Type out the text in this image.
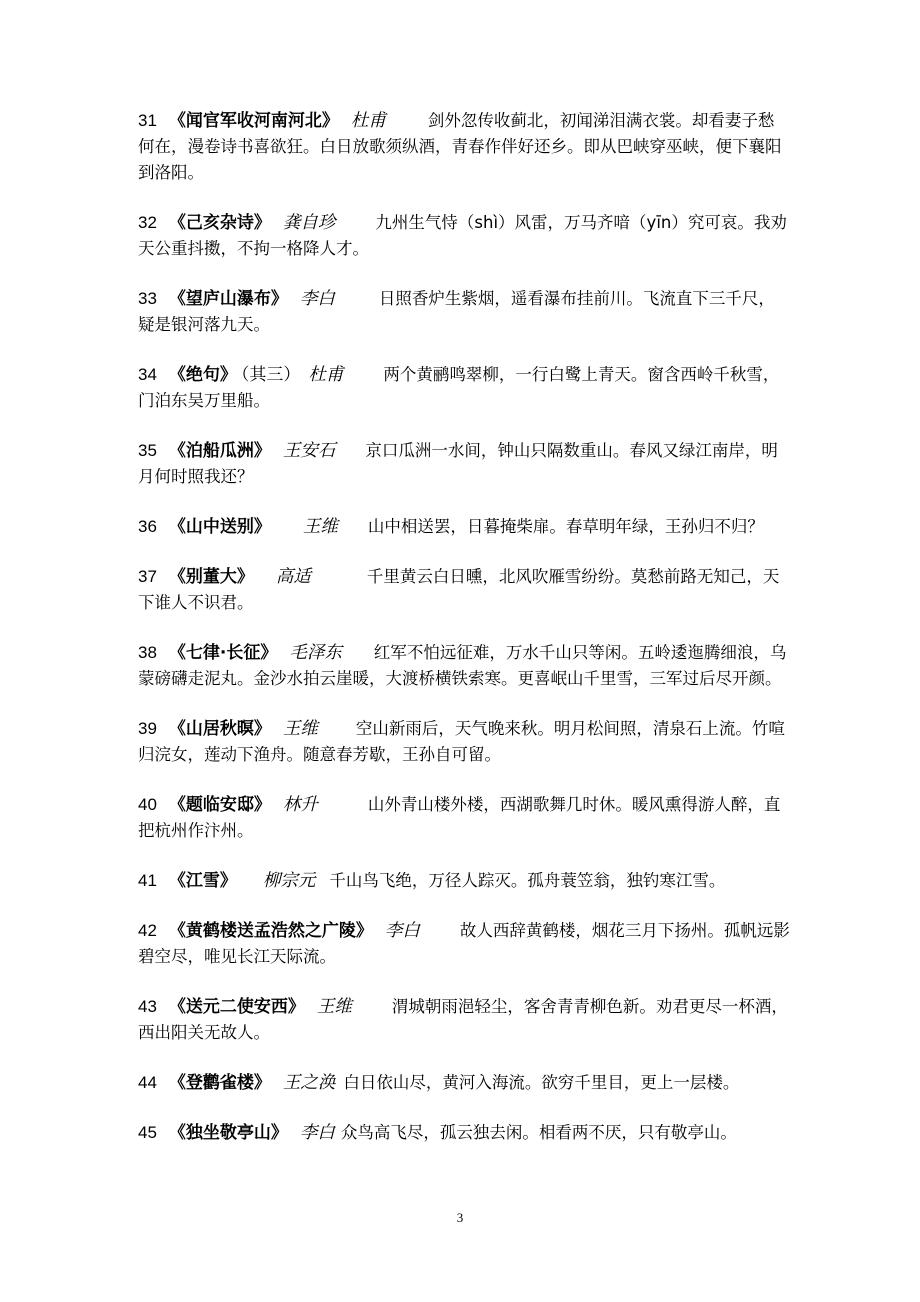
31 《闻官军收河南河北》 杜甫	剑外忽传收蓟北，初闻涕泪满衣裳。却看妻子愁何在，漫卷诗书喜欲狂。白日放歌须纵酒，青春作伴好还乡。即从巴峡穿巫峡，便下襄阳到洛阳。
32 《己亥杂诗》 龚自珍 九州生气恃（shì）风雷，万马齐喑（yīn）究可哀。我劝天公重抖擞，不拘一格降人才。
33 《望庐山瀑布》 李白	日照香炉生紫烟，遥看瀑布挂前川。飞流直下三千尺，疑是银河落九天。
34 《绝句》 （其三） 杜甫 两个黄鹂鸣翠柳，一行白鹭上青天。窗含西岭千秋雪，门泊东吴万里船。
35 《泊船瓜洲》 王安石 京口瓜洲一水间，钟山只隔数重山。春风又绿江南岸，明月何时照我还？
36 《山中送别》 王维 山中相送罢，日暮掩柴扉。春草明年绿，王孙归不归？
37 《别董大》 高适	千里黄云白日曛，北风吹雁雪纷纷。莫愁前路无知己，天下谁人不识君。
38 《七律·长征》 毛泽东 红军不怕远征难，万水千山只等闲。五岭逶迤腾细浪，乌蒙磅礴走泥丸。金沙水拍云崖暖，大渡桥横铁索寒。更喜岷山千里雪，三军过后尽开颜。
39 《山居秋暝》 王维 空山新雨后，天气晚来秋。明月松间照，清泉石上流。竹喧归浣女，莲动下渔舟。随意春芳歇，王孙自可留。
40 《题临安邸》 林升	山外青山楼外楼，西湖歌舞几时休。暖风熏得游人醉，直把杭州作汴州。
41 《江雪》 柳宗元 千山鸟飞绝，万径人踪灭。孤舟蓑笠翁，独钓寒江雪。
42 《黄鹤楼送孟浩然之广陵》 李白 故人西辞黄鹤楼，烟花三月下扬州。孤帆远影碧空尽，唯见长江天际流。
43 《送元二使安西》 王维 渭城朝雨浥轻尘，客舍青青柳色新。劝君更尽一杯酒，西出阳关无故人。
44 《登鹳雀楼》 王之涣 白日依山尽，黄河入海流。欲穷千里目，更上一层楼。
45 《独坐敬亭山》 李白 众鸟高飞尽，孤云独去闲。相看两不厌，只有敬亭山。
3
